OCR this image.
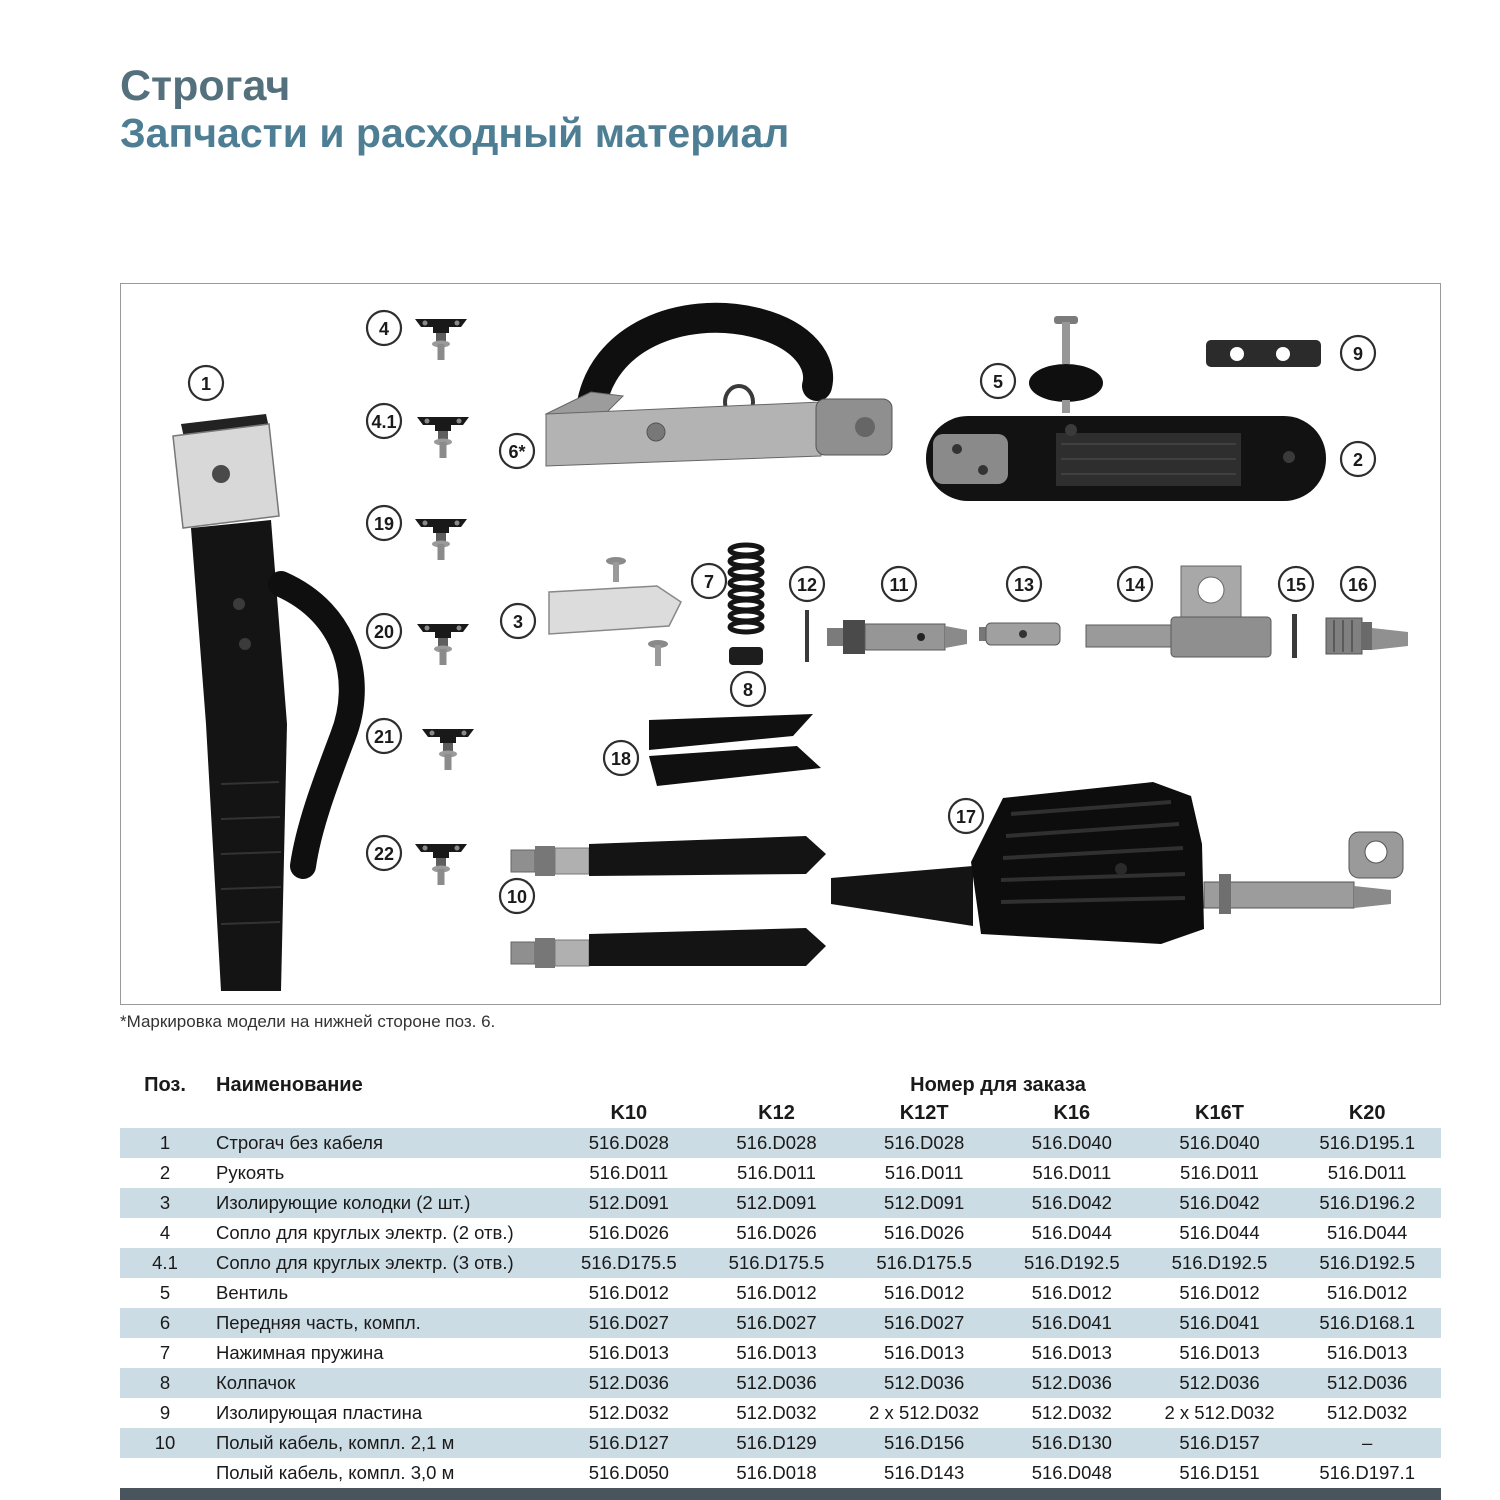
Строгач
Запчасти и расходный материал
1
4
4.1
6*
5
9
2
19
3
7
8
12	11	13	14	15 16
20
21
18
22
10
17
*Маркировка модели на нижней стороне поз. 6.
Поз.	Наименование	Номер для заказа
K10	K12	K12T	K16	K16T	K20
1	Строгач без кабеля	516.D028	516.D028	516.D028	516.D040	516.D040	516.D195.1
2	Рукоять	516.D011	516.D011	516.D011	516.D011	516.D011	516.D011
3	Изолирующие колодки (2 шт.)	512.D091	512.D091	512.D091	516.D042	516.D042	516.D196.2
4	Сопло для круглых электр. (2 отв.)	516.D026	516.D026	516.D026	516.D044	516.D044	516.D044
4.1	Сопло для круглых электр. (3 отв.)	516.D175.5	516.D175.5	516.D175.5	516.D192.5	516.D192.5	516.D192.5
5	Вентиль	516.D012	516.D012	516.D012	516.D012	516.D012	516.D012
6	Передняя часть, компл.	516.D027	516.D027	516.D027	516.D041	516.D041	516.D168.1
7	Нажимная пружина	516.D013	516.D013	516.D013	516.D013	516.D013	516.D013
8	Колпачок	512.D036	512.D036	512.D036	512.D036	512.D036	512.D036
9	Изолирующая пластина	512.D032	512.D032	2 x 512.D032	512.D032	2 x 512.D032	512.D032
10	Полый кабель, компл. 2,1 м	516.D127	516.D129	516.D156	516.D130	516.D157	–
Полый кабель, компл. 3,0 м	516.D050	516.D018	516.D143	516.D048	516.D151	516.D197.1
